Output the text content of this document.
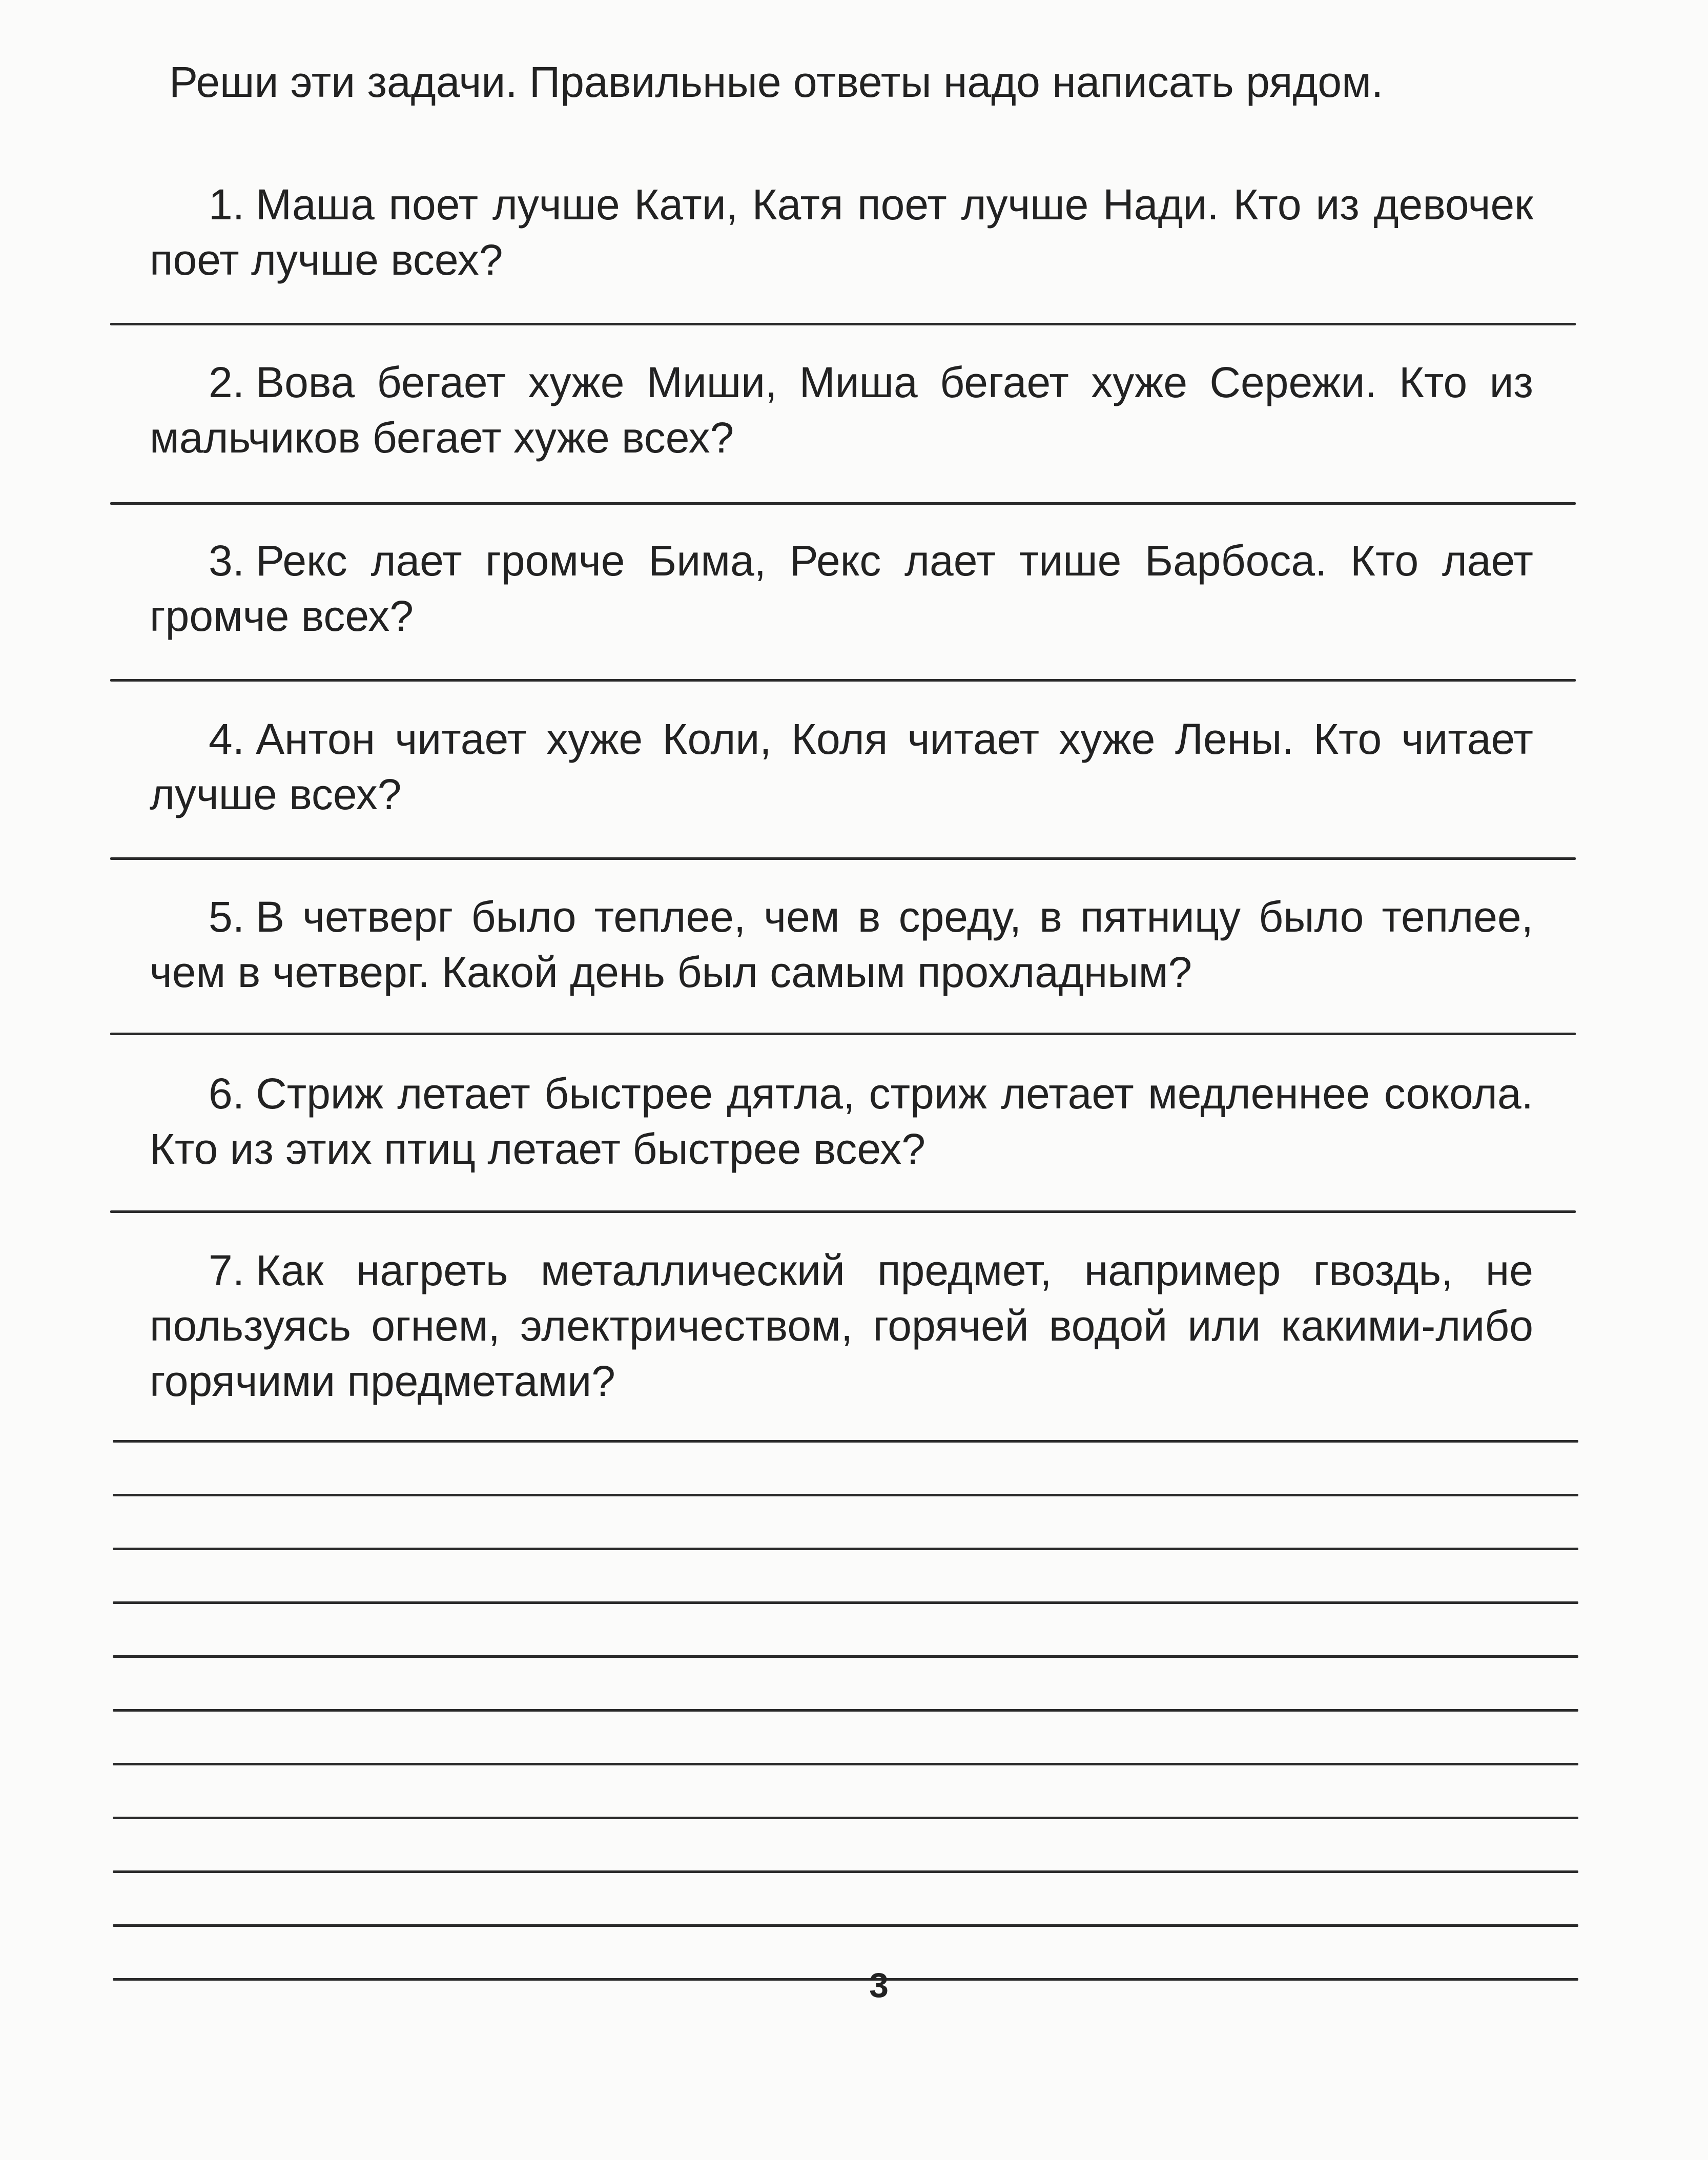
Реши эти задачи. Правильные ответы надо написать рядом.
1. Маша поет лучше Кати, Катя поет лучше Нади. Кто из девочек поет лучше всех?
2. Вова бегает хуже Миши, Миша бегает хуже Сережи. Кто из мальчиков бегает хуже всех?
3. Рекс лает громче Бима, Рекс лает тише Барбоса. Кто лает громче всех?
4. Антон читает хуже Коли, Коля читает хуже Лены. Кто читает лучше всех?
5. В четверг было теплее, чем в среду, в пятницу было теплее, чем в четверг. Какой день был самым прохладным?
6. Стриж летает быстрее дятла, стриж летает медленнее сокола. Кто из этих птиц летает быстрее всех?
7. Как нагреть металлический предмет, например гвоздь, не пользуясь огнем, электричеством, горячей водой или какими-либо горячими предметами?
3
